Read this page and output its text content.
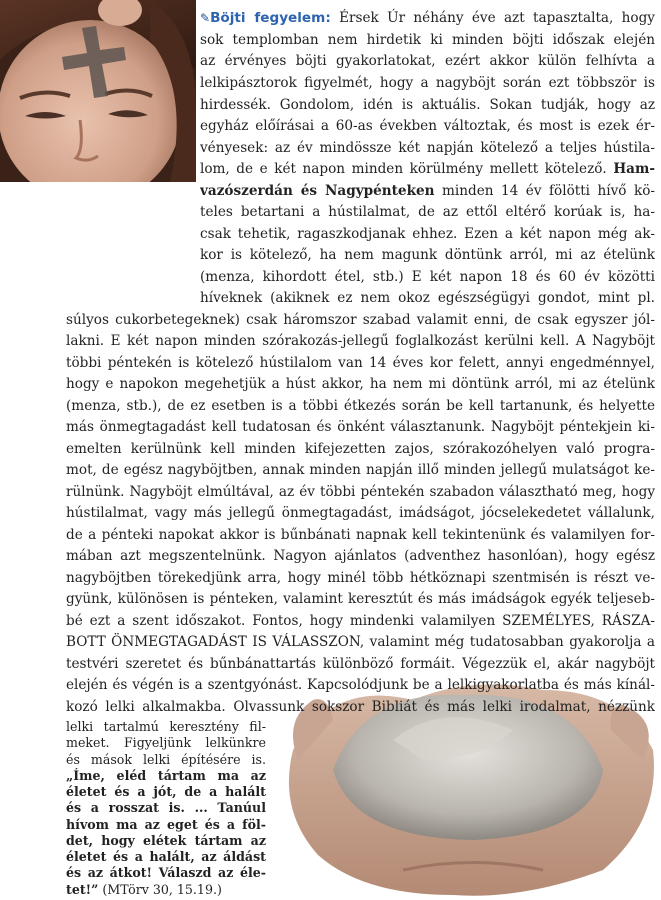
✎Böjti fegyelem: Érsek Úr néhány éve azt tapasztalta, hogy
sok templomban nem hirdetik ki minden böjti időszak elején
az érvényes böjti gyakorlatokat, ezért akkor külön felhívta a
lelkipásztorok figyelmét, hogy a nagyböjt során ezt többször is
hirdessék. Gondolom, idén is aktuális. Sokan tudják, hogy az
egyház előírásai a 60-as években változtak, és most is ezek ér-
vényesek: az év mindössze két napján kötelező a teljes hústila-
lom, de e két napon minden körülmény mellett kötelező. Ham-
vazószerdán és Nagypénteken minden 14 év fölötti hívő kö-
teles betartani a hústilalmat, de az ettől eltérő korúak is, ha-
csak tehetik, ragaszkodjanak ehhez. Ezen a két napon még ak-
kor is kötelező, ha nem magunk döntünk arról, mi az ételünk
(menza, kihordott étel, stb.) E két napon 18 és 60 év közötti
híveknek (akiknek ez nem okoz egészségügyi gondot, mint pl.
súlyos cukorbetegeknek) csak háromszor szabad valamit enni, de csak egyszer jól-
lakni. E két napon minden szórakozás-jellegű foglalkozást kerülni kell. A Nagyböjt
többi péntekén is kötelező hústilalom van 14 éves kor felett, annyi engedménnyel,
hogy e napokon megehetjük a húst akkor, ha nem mi döntünk arról, mi az ételünk
(menza, stb.), de ez esetben is a többi étkezés során be kell tartanunk, és helyette
más önmegtagadást kell tudatosan és önként választanunk. Nagyböjt péntekjein ki-
emelten kerülnünk kell minden kifejezetten zajos, szórakozóhelyen való progra-
mot, de egész nagyböjtben, annak minden napján illő minden jellegű mulatságot ke-
rülnünk. Nagyböjt elmúltával, az év többi péntekén szabadon választható meg, hogy
hústilalmat, vagy más jellegű önmegtagadást, imádságot, jócselekedetet vállalunk,
de a pénteki napokat akkor is bűnbánati napnak kell tekintenünk és valamilyen for-
mában azt megszentelnünk. Nagyon ajánlatos (adventhez hasonlóan), hogy egész
nagyböjtben törekedjünk arra, hogy minél több hétköznapi szentmisén is részt ve-
gyünk, különösen is pénteken, valamint keresztút és más imádságok egyék teljeseb-
bé ezt a szent időszakot. Fontos, hogy mindenki valamilyen SZEMÉLYES, RÁSZA-
BOTT ÖNMEGTAGADÁST IS VÁLASSZON, valamint még tudatosabban gyakorolja a
testvéri szeretet és bűnbánattartás különböző formáit. Végezzük el, akár nagyböjt
elején és végén is a szentgyónást. Kapcsolódjunk be a lelkigyakorlatba és más kínál-
kozó lelki alkalmakba. Olvassunk sokszor Bibliát és más lelki irodalmat, nézzünk
lelki tartalmú keresztény fil-
meket. Figyeljünk lelkünkre
és mások lelki építésére is.
„Íme, eléd tártam ma az
életet és a jót, de a halált
és a rosszat is. ... Tanúul
hívom ma az eget és a föl-
det, hogy elétek tártam az
életet és a halált, az áldást
és az átkot! Válaszd az éle-
tet!” (MTörv 30, 15.19.)
